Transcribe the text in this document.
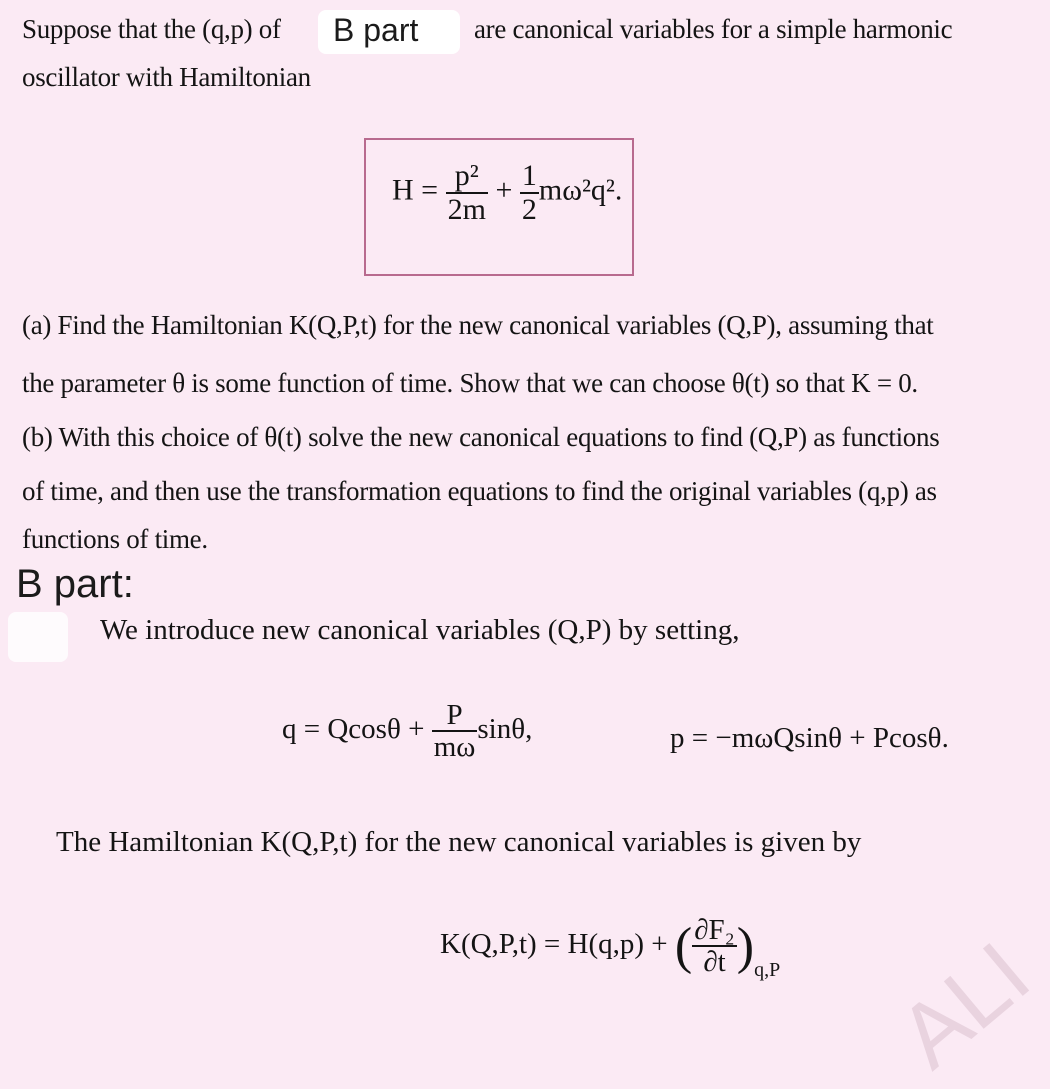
ALI
Suppose that the (q,p) of B part are canonical variables for a simple harmonic
oscillator with Hamiltonian
$H = \frac{\text{p²}}{2m} + \frac{1}{2} m\omega^2q^2$.
(a) Find the Hamiltonian K(Q,P,t) for the new canonical variables (Q,P), assuming that
the parameter θ is some function of time. Show that we can choose θ(t) so that K = 0.
(b) With this choice of θ(t) solve the new canonical equations to find (Q,P) as functions
of time, and then use the transformation equations to find the original variables (q,p) as
functions of time.
B part:
We introduce new canonical variables (Q,P) by setting,
$q = Qcos\theta + \frac{P}{m\omega} \sin\theta$,	p = −mωQsinθ + Pcosθ.
The Hamiltonian K(Q,P,t) for the new canonical variables is given by
K(Q,P,t) = H(q,p) + ( $\frac{\text{∂F₂}}{\partial t} )_{q,P}$
